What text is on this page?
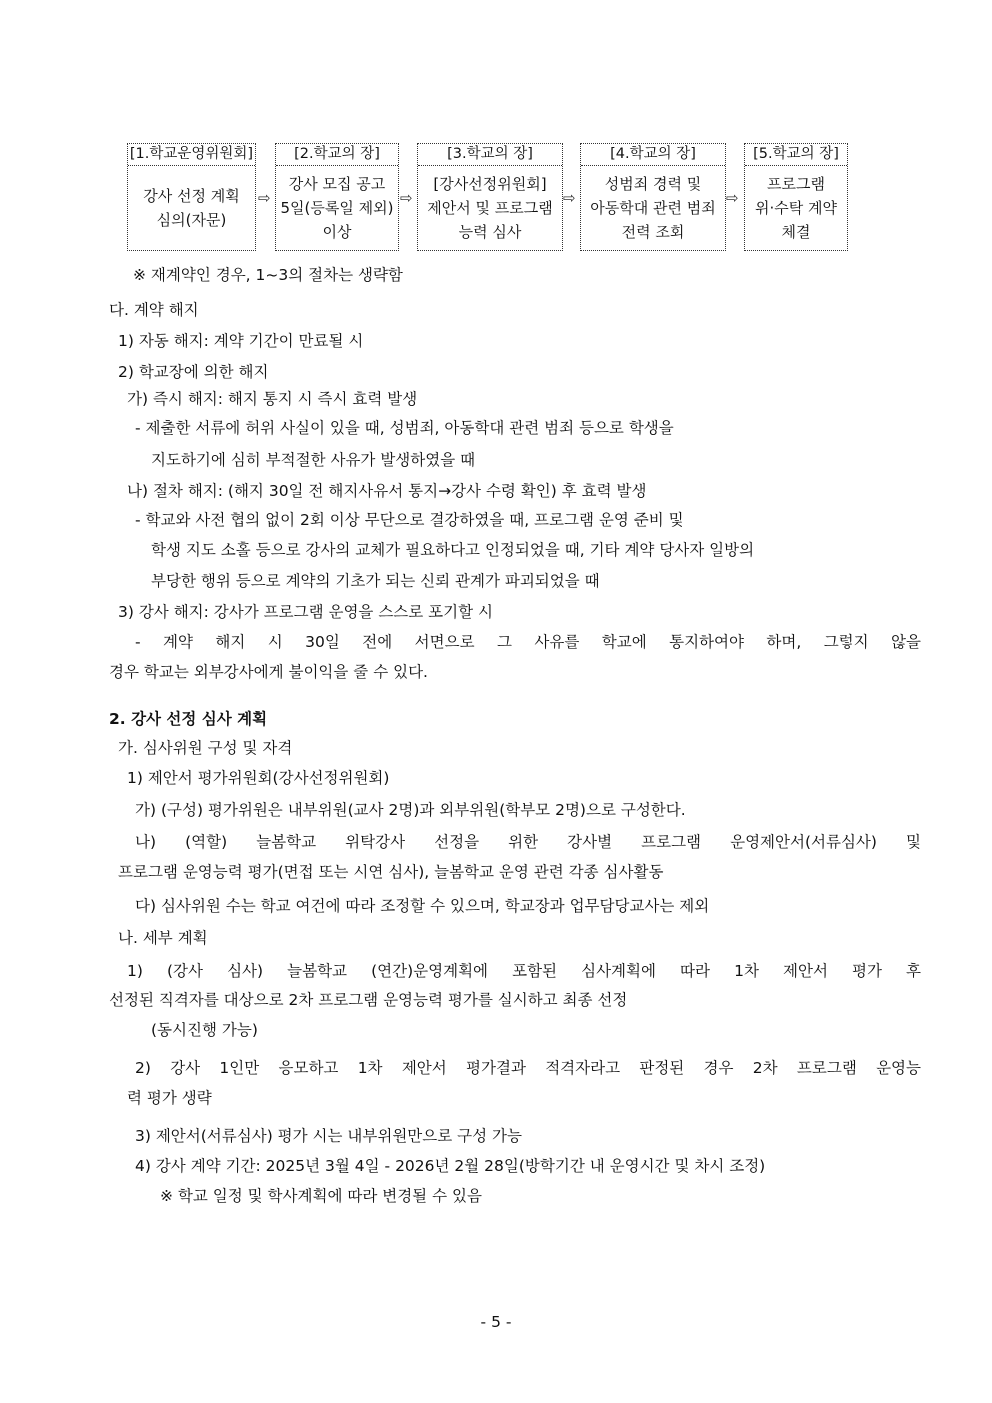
[1.학교운영위원회]
강사 선정 계획
심의(자문)
⇨
[2.학교의 장]
강사 모집 공고
5일(등록일 제외)
이상
⇨
[3.학교의 장]
[강사선정위원회]
제안서 및 프로그램
능력 심사
⇨
[4.학교의 장]
성범죄 경력 및
아동학대 관련 범죄
전력 조회
⇨
[5.학교의 장]
프로그램
위·수탁 계약
체결
※ 재계약인 경우, 1~3의 절차는 생략함
다. 계약 해지
1) 자동 해지: 계약 기간이 만료될 시
2) 학교장에 의한 해지
가) 즉시 해지: 해지 통지 시 즉시 효력 발생
- 제출한 서류에 허위 사실이 있을 때, 성범죄, 아동학대 관련 범죄 등으로 학생을
지도하기에 심히 부적절한 사유가 발생하였을 때
나) 절차 해지: (해지 30일 전 해지사유서 통지→강사 수령 확인) 후 효력 발생
- 학교와 사전 협의 없이 2회 이상 무단으로 결강하였을 때, 프로그램 운영 준비 및
학생 지도 소홀 등으로 강사의 교체가 필요하다고 인정되었을 때, 기타 계약 당사자 일방의
부당한 행위 등으로 계약의 기초가 되는 신뢰 관계가 파괴되었을 때
3) 강사 해지: 강사가 프로그램 운영을 스스로 포기할 시
- 계약 해지 시 30일 전에 서면으로 그 사유를 학교에 통지하여야 하며, 그렇지 않을
경우 학교는 외부강사에게 불이익을 줄 수 있다.
2. 강사 선정 심사 계획
가. 심사위원 구성 및 자격
1) 제안서 평가위원회(강사선정위원회)
가) (구성) 평가위원은 내부위원(교사 2명)과 외부위원(학부모 2명)으로 구성한다.
나) (역할) 늘봄학교 위탁강사 선정을 위한 강사별 프로그램 운영제안서(서류심사) 및
프로그램 운영능력 평가(면접 또는 시연 심사), 늘봄학교 운영 관련 각종 심사활동
다) 심사위원 수는 학교 여건에 따라 조정할 수 있으며, 학교장과 업무담당교사는 제외
나. 세부 계획
1) (강사 심사) 늘봄학교 (연간)운영계획에 포함된 심사계획에 따라 1차 제안서 평가 후
선정된 직격자를 대상으로 2차 프로그램 운영능력 평가를 실시하고 최종 선정
(동시진행 가능)
2) 강사 1인만 응모하고 1차 제안서 평가결과 적격자라고 판정된 경우 2차 프로그램 운영능
력 평가 생략
3) 제안서(서류심사) 평가 시는 내부위원만으로 구성 가능
4) 강사 계약 기간: 2025년 3월 4일 - 2026년 2월 28일(방학기간 내 운영시간 및 차시 조정)
※ 학교 일정 및 학사계획에 따라 변경될 수 있음
- 5 -
